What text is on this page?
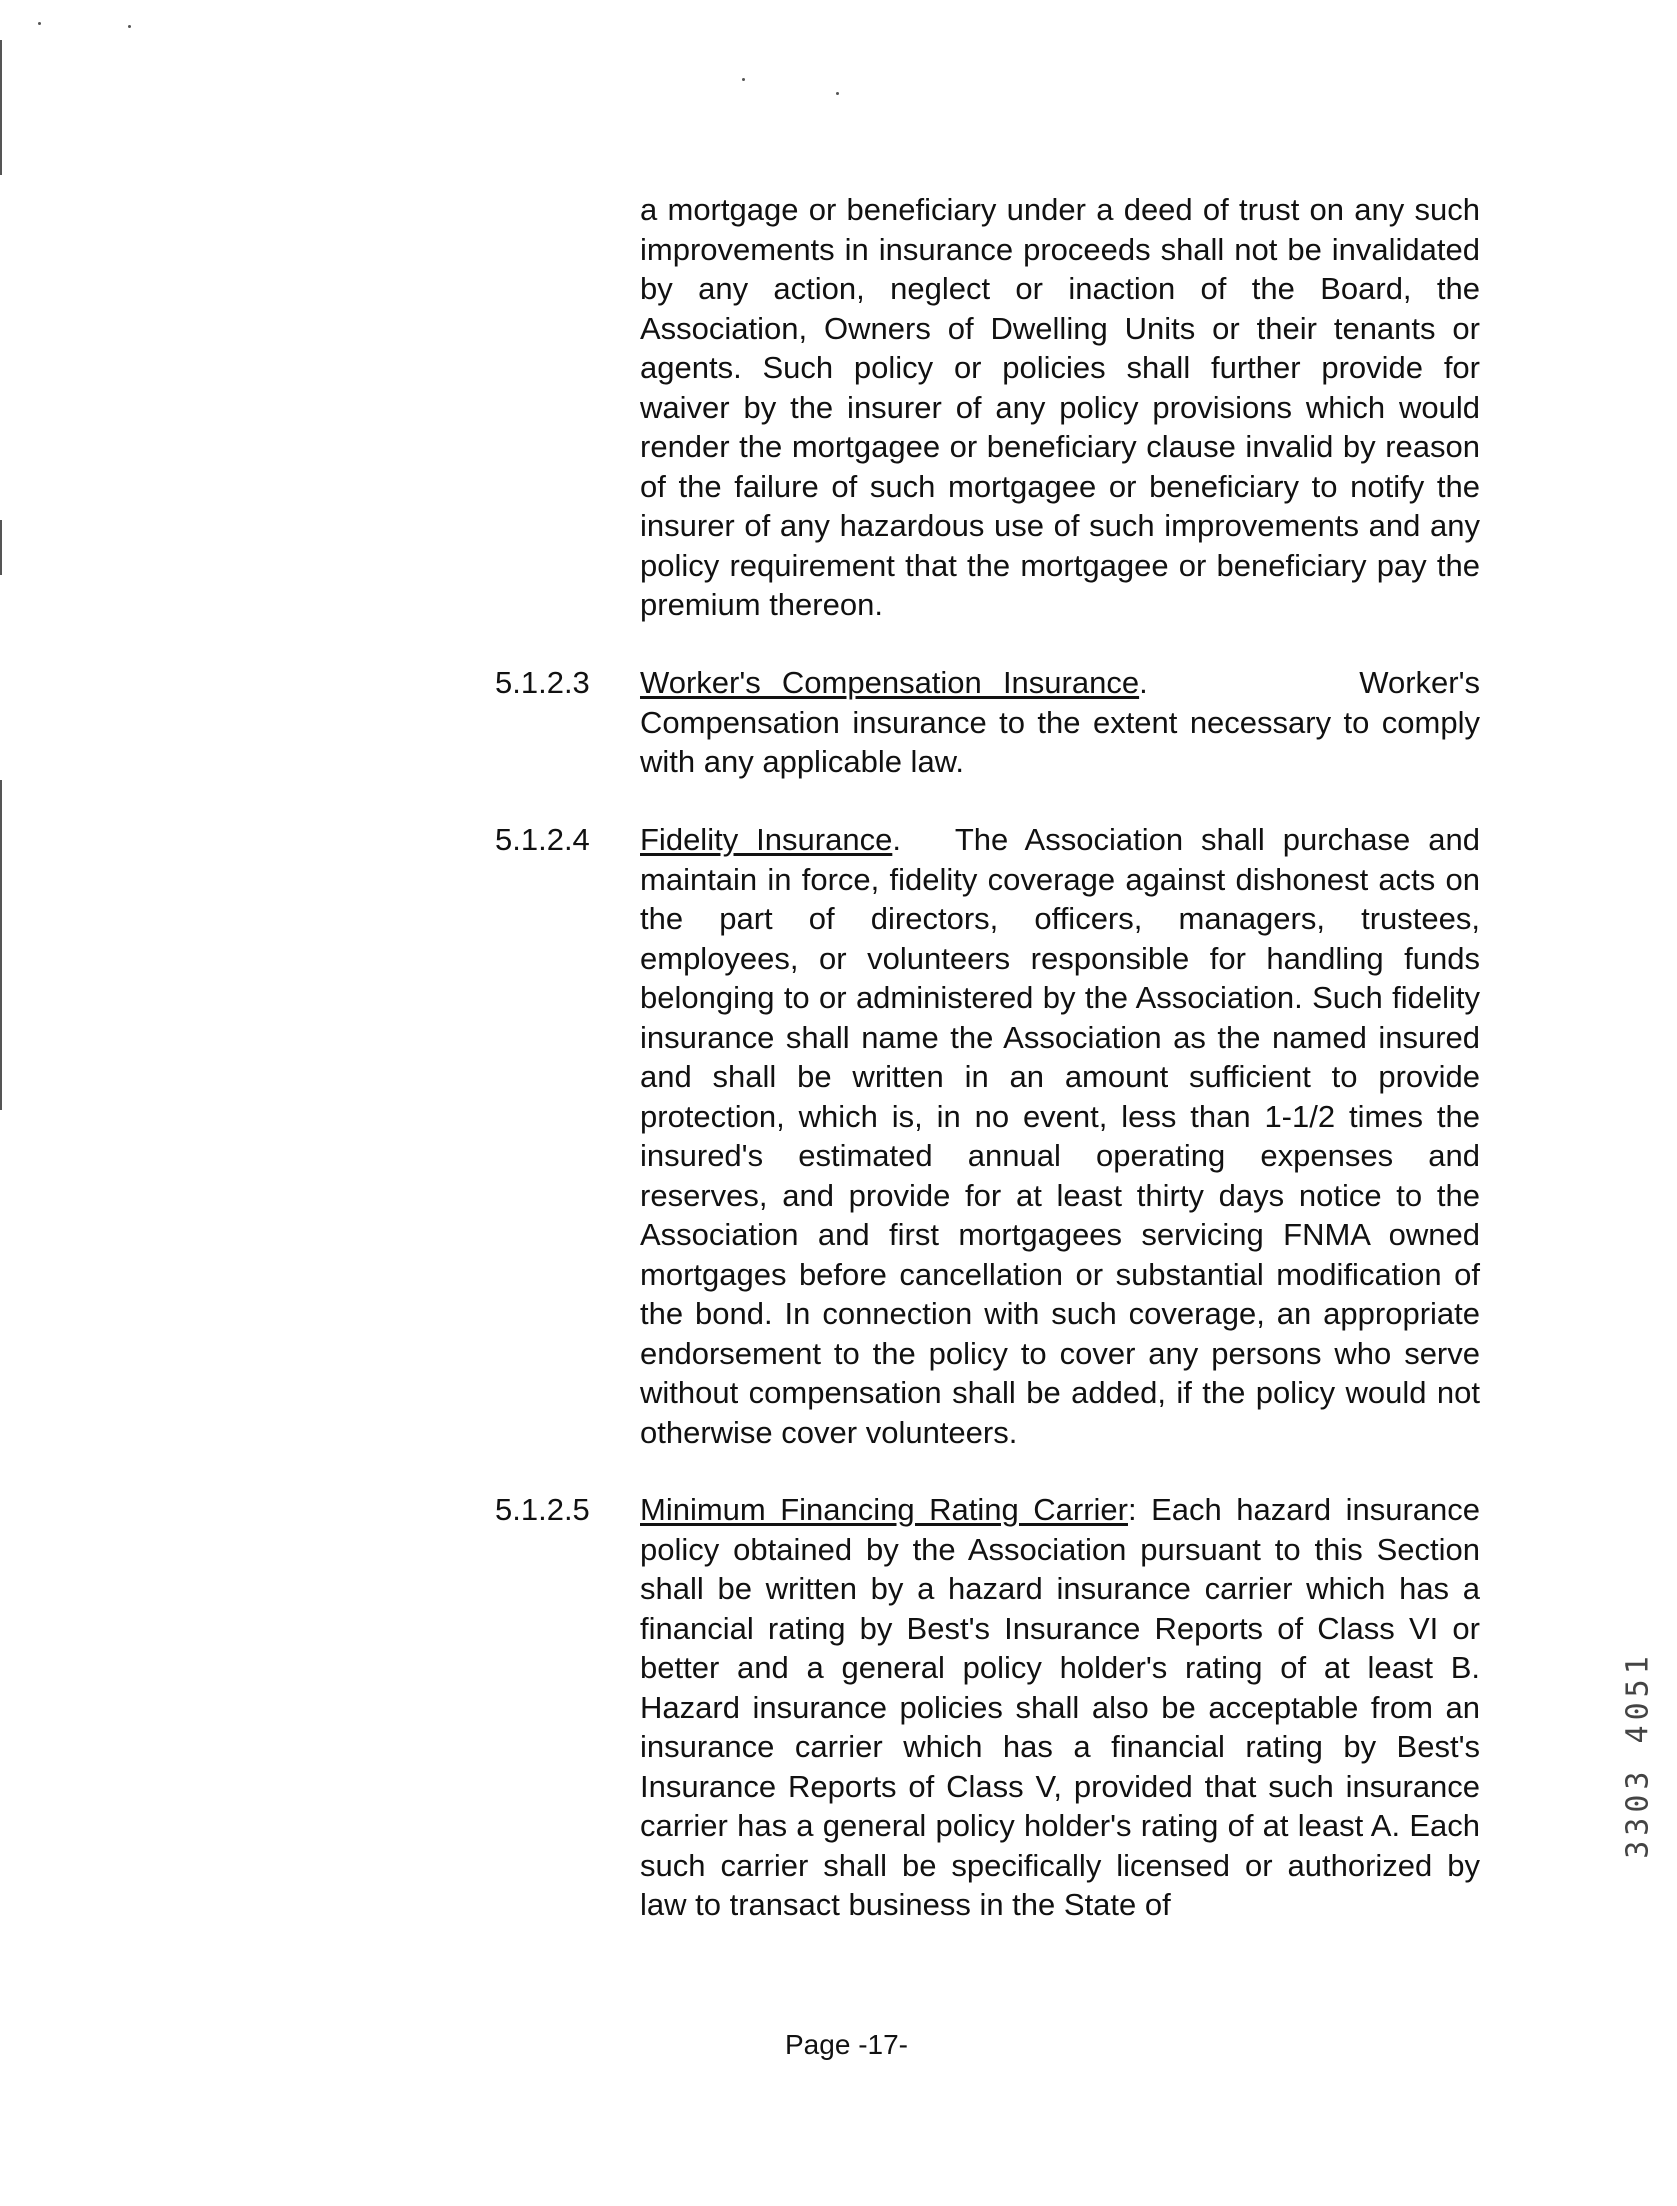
a mortgage or beneficiary under a deed of trust on any such improvements in insurance proceeds shall not be invalidated by any action, neglect or inaction of the Board, the Association, Owners of Dwelling Units or their tenants or agents. Such policy or policies shall further provide for waiver by the insurer of any policy provisions which would render the mortgagee or beneficiary clause invalid by reason of the failure of such mortgagee or beneficiary to notify the insurer of any hazardous use of such improvements and any policy requirement that the mortgagee or beneficiary pay the premium thereon.

5.1.2.3	Worker's Compensation Insurance.	Worker's Compensation insurance to the extent necessary to comply with any applicable law.

5.1.2.4	Fidelity Insurance. The Association shall purchase and maintain in force, fidelity coverage against dishonest acts on the part of directors, officers, managers, trustees, employees, or volunteers responsible for handling funds belonging to or administered by the Association. Such fidelity insurance shall name the Association as the named insured and shall be written in an amount sufficient to provide protection, which is, in no event, less than 1-1/2 times the insured's estimated annual operating expenses and reserves, and provide for at least thirty days notice to the Association and first mortgagees servicing FNMA owned mortgages before cancellation or substantial modification of the bond. In connection with such coverage, an appropriate endorsement to the policy to cover any persons who serve without compensation shall be added, if the policy would not otherwise cover volunteers.

5.1.2.5	Minimum Financing Rating Carrier: Each hazard insurance policy obtained by the Association pursuant to this Section shall be written by a hazard insurance carrier which has a financial rating by Best's Insurance Reports of Class VI or better and a general policy holder's rating of at least B. Hazard insurance policies shall also be acceptable from an insurance carrier which has a financial rating by Best's Insurance Reports of Class V, provided that such insurance carrier has a general policy holder's rating of at least A. Each such carrier shall be specifically licensed or authorized by law to transact business in the State of

Page -17-
3303 4051
